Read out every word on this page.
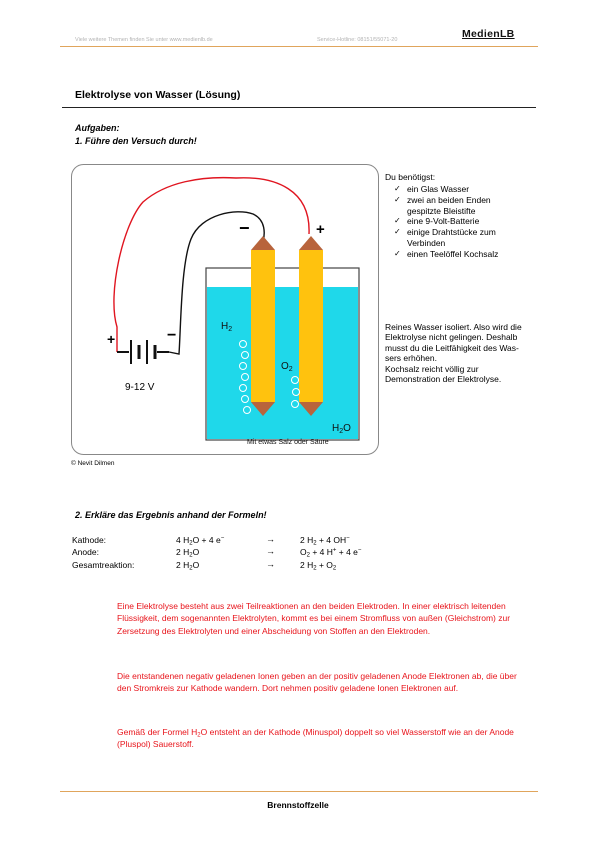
Viele weitere Themen finden Sie unter www.medienlb.de	Service-Hotline: 08151/55071-20	MedienLB
Elektrolyse von Wasser (Lösung)
Aufgaben:
1. Führe den Versuch durch!
−	+
$H_2$
$O_2$
$H_2O$
Mit etwas Salz oder Säure
+	−
9-12 V
© Nevit Dilmen
Du benötigst:
✓ ein Glas Wasser
✓ zwei an beiden Enden gespitzte Bleistifte
✓ eine 9-Volt-Batterie
✓ einige Drahtstücke zum Verbinden
✓ einen Teelöffel Kochsalz
Reines Wasser isoliert. Also wird die Elektrolyse nicht gelingen. Deshalb musst du die Leitfähigkeit des Was-sers erhöhen.
Kochsalz reicht völlig zur Demonstration der Elektrolyse.
2. Erkläre das Ergebnis anhand der Formeln!
Kathode:	4 $H_2O + 4$ e−	→	2 $H_2 + 4$ OH−
Anode:	2 $H_2O$	→	$O_2 + 4$ H+ + 4 e−
Gesamtreaktion:	2 $H_2O$	→	2 $H_2 + O_2$

Eine Elektrolyse besteht aus zwei Teilreaktionen an den beiden Elektroden. In einer elektrisch leitenden Flüssigkeit, dem sogenannten Elektrolyten, kommt es bei einem Stromfluss von außen (Gleichstrom) zur Zersetzung des Elektrolyten und einer Abscheidung von Stoffen an den Elektroden.

Die entstandenen negativ geladenen Ionen geben an der positiv geladenen Anode Elektronen ab, die über den Stromkreis zur Kathode wandern. Dort nehmen positiv geladene Ionen Elektronen auf.

Gemäß der Formel $H_2O$ entsteht an der Kathode (Minuspol) doppelt so viel Wasserstoff wie an der Anode (Pluspol) Sauerstoff.

Brennstoffzelle
